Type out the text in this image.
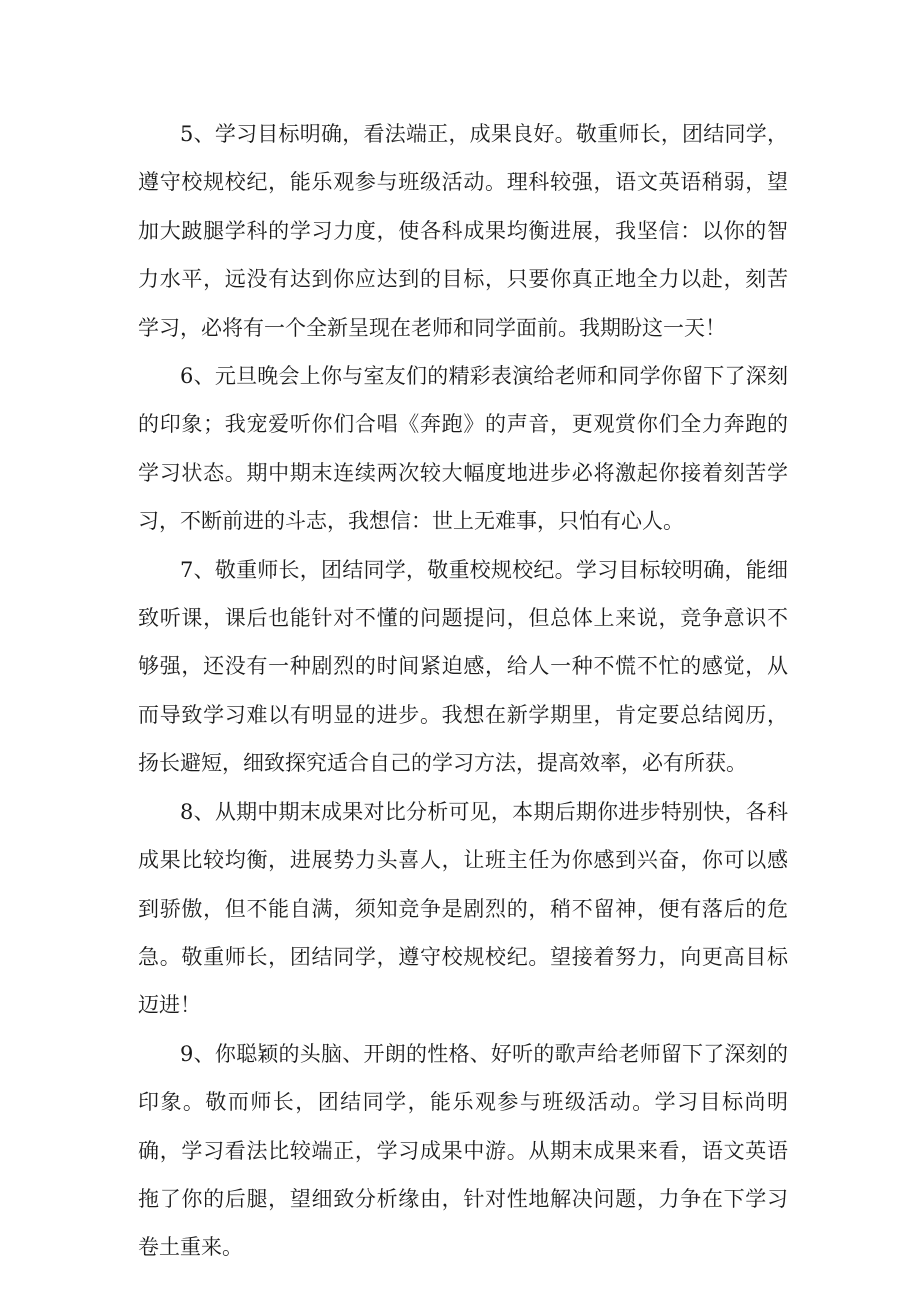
5、学习目标明确，看法端正，成果良好。敬重师长，团结同学，遵守校规校纪，能乐观参与班级活动。理科较强，语文英语稍弱，望加大跛腿学科的学习力度，使各科成果均衡进展，我坚信：以你的智力水平，远没有达到你应达到的目标，只要你真正地全力以赴，刻苦学习，必将有一个全新呈现在老师和同学面前。我期盼这一天！

6、元旦晚会上你与室友们的精彩表演给老师和同学你留下了深刻的印象；我宠爱听你们合唱《奔跑》的声音，更观赏你们全力奔跑的学习状态。期中期末连续两次较大幅度地进步必将激起你接着刻苦学习，不断前进的斗志，我想信：世上无难事，只怕有心人。

7、敬重师长，团结同学，敬重校规校纪。学习目标较明确，能细致听课，课后也能针对不懂的问题提问，但总体上来说，竞争意识不够强，还没有一种剧烈的时间紧迫感，给人一种不慌不忙的感觉，从而导致学习难以有明显的进步。我想在新学期里，肯定要总结阅历，扬长避短，细致探究适合自己的学习方法，提高效率，必有所获。

8、从期中期末成果对比分析可见，本期后期你进步特别快，各科成果比较均衡，进展势力头喜人，让班主任为你感到兴奋，你可以感到骄傲，但不能自满，须知竞争是剧烈的，稍不留神，便有落后的危急。敬重师长，团结同学，遵守校规校纪。望接着努力，向更高目标迈进！

9、你聪颖的头脑、开朗的性格、好听的歌声给老师留下了深刻的印象。敬而师长，团结同学，能乐观参与班级活动。学习目标尚明确，学习看法比较端正，学习成果中游。从期末成果来看，语文英语拖了你的后腿，望细致分析缘由，针对性地解决问题，力争在下学习卷土重来。
